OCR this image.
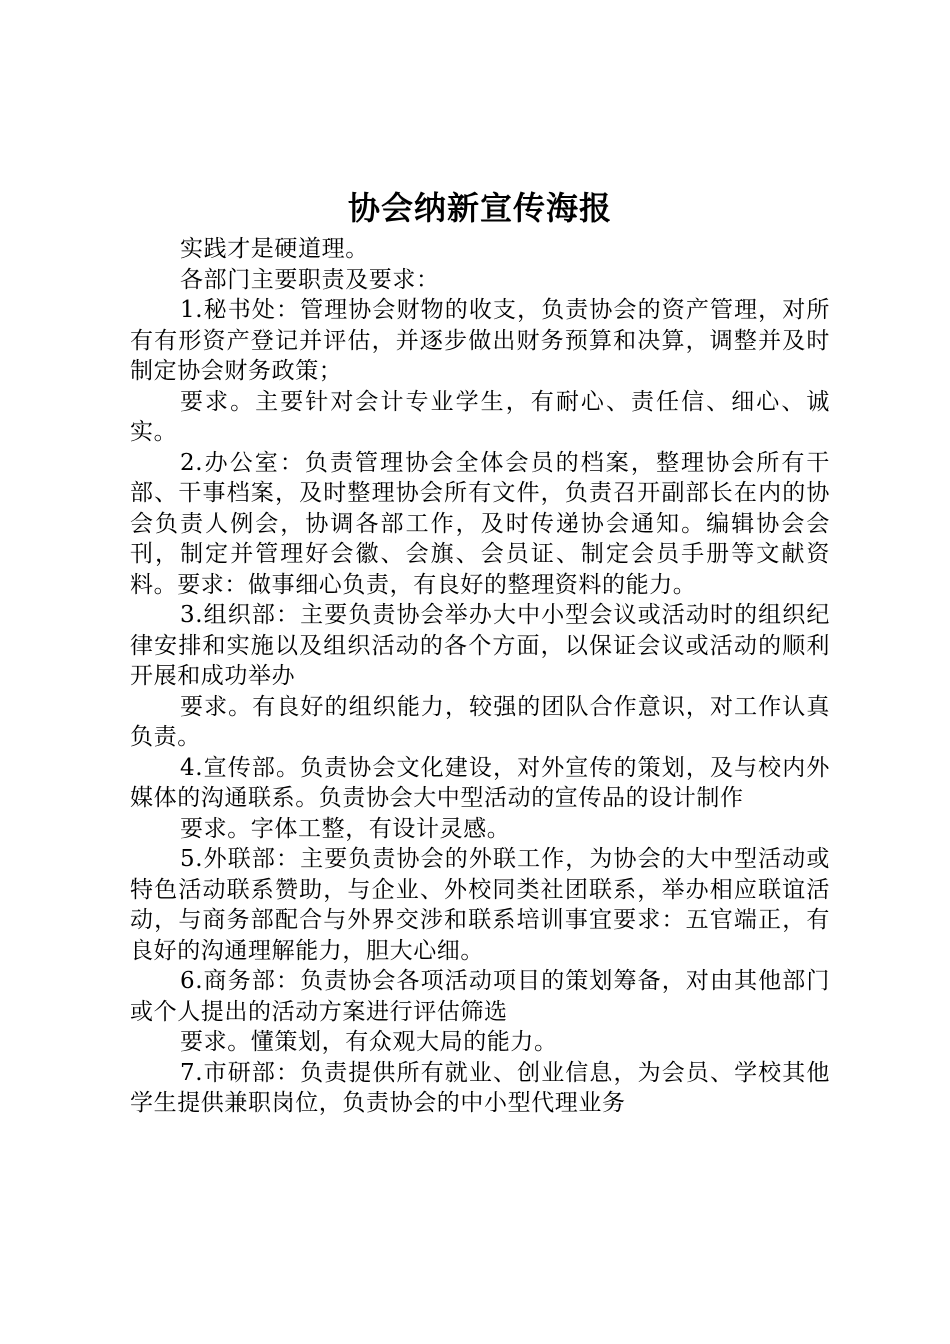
协会纳新宣传海报

实践才是硬道理。

各部门主要职责及要求：

1.秘书处：管理协会财物的收支，负责协会的资产管理，对所有有形资产登记并评估，并逐步做出财务预算和决算，调整并及时制定协会财务政策；

要求。主要针对会计专业学生，有耐心、责任信、细心、诚实。

2.办公室：负责管理协会全体会员的档案，整理协会所有干部、干事档案，及时整理协会所有文件，负责召开副部长在内的协会负责人例会，协调各部工作，及时传递协会通知。编辑协会会刊，制定并管理好会徽、会旗、会员证、制定会员手册等文献资料。要求：做事细心负责，有良好的整理资料的能力。

3.组织部：主要负责协会举办大中小型会议或活动时的组织纪律安排和实施以及组织活动的各个方面，以保证会议或活动的顺利开展和成功举办

要求。有良好的组织能力，较强的团队合作意识，对工作认真负责。

4.宣传部。负责协会文化建设，对外宣传的策划，及与校内外媒体的沟通联系。负责协会大中型活动的宣传品的设计制作

要求。字体工整，有设计灵感。

5.外联部：主要负责协会的外联工作，为协会的大中型活动或特色活动联系赞助，与企业、外校同类社团联系，举办相应联谊活动，与商务部配合与外界交涉和联系培训事宜要求：五官端正，有良好的沟通理解能力，胆大心细。

6.商务部：负责协会各项活动项目的策划筹备，对由其他部门或个人提出的活动方案进行评估筛选

要求。懂策划，有众观大局的能力。

7.市研部：负责提供所有就业、创业信息，为会员、学校其他学生提供兼职岗位，负责协会的中小型代理业务
